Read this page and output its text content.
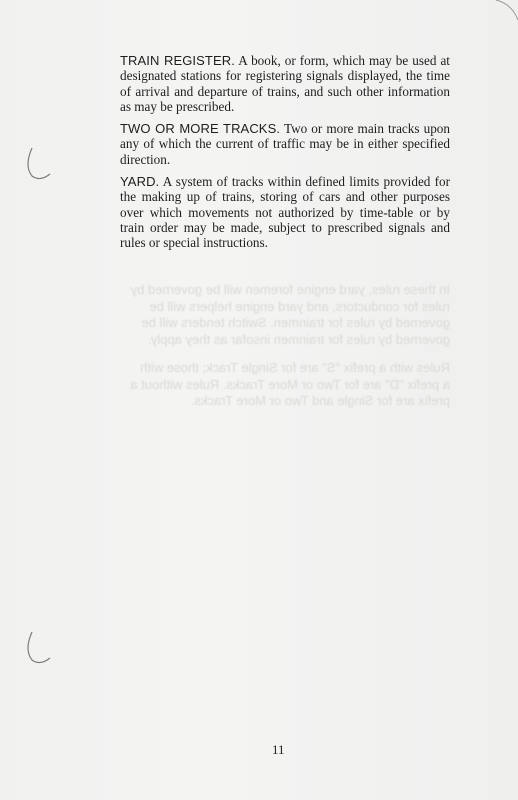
TRAIN REGISTER. A book, or form, which may be used at designated stations for registering signals displayed, the time of arrival and departure of trains, and such other information as may be prescribed.

TWO OR MORE TRACKS. Two or more main tracks upon any of which the current of traffic may be in either specified direction.

YARD. A system of tracks within defined limits provided for the making up of trains, storing of cars and other purposes over which movements not authorized by time-table or by train order may be made, subject to prescribed signals and rules or special instructions.

In these rules, yard engine foremen will be governed by rules for conductors, and yard engine helpers will be governed by rules for trainmen. Switch tenders will be governed by rules for trainmen insofar as they apply.

Rules with a prefix "S" are for Single Track; those with a prefix "D" are for Two or More Tracks. Rules without a prefix are for Single and Two or More Tracks.

11
